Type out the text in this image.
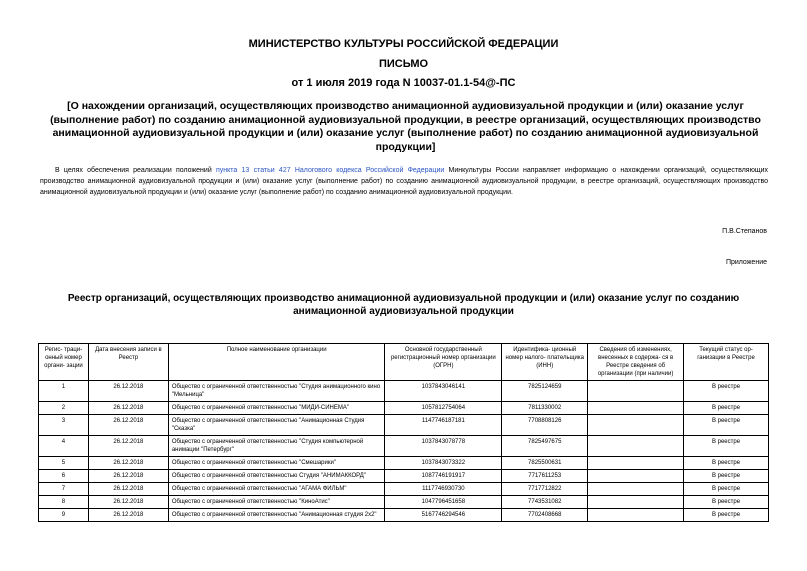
МИНИСТЕРСТВО КУЛЬТУРЫ РОССИЙСКОЙ ФЕДЕРАЦИИ
ПИСЬМО
от 1 июля 2019 года N 10037-01.1-54@-ПС
[О нахождении организаций, осуществляющих производство анимационной аудиовизуальной продукции и (или) оказание услуг (выполнение работ) по созданию анимационной аудиовизуальной продукции, в реестре организаций, осуществляющих производство анимационной аудиовизуальной продукции и (или) оказание услуг (выполнение работ) по созданию анимационной аудиовизуальной продукции]
В целях обеспечения реализации положений пункта 13 статьи 427 Налогового кодекса Российской Федерации Минкультуры России направляет информацию о нахождении организаций, осуществляющих производство анимационной аудиовизуальной продукции и (или) оказание услуг (выполнение работ) по созданию анимационной аудиовизуальной продукции, в реестре организаций, осуществляющих производство анимационной аудиовизуальной продукции и (или) оказание услуг (выполнение работ) по созданию анимационной аудиовизуальной продукции.
П.В.Степанов
Приложение
Реестр организаций, осуществляющих производство анимационной аудиовизуальной продукции и (или) оказание услуг по созданию анимационной аудиовизуальной продукции
Регис- траци- онный номер органи- зации	Дата внесения записи в Реестр	Полное наименование организации	Основной государственный регистрационный номер организации (ОГРН)	Идентифика- ционный номер налого- плательщика (ИНН)	Сведения об изменениях, внесенных в содержа- ся в Реестре сведения об организации (при наличии)	Текущий статус ор- ганизации в Реестре
1	26.12.2018	Общество с ограниченной ответственностью "Студия анимационного кино "Мельница"	1037843046141	7825124659		В реестре
2	26.12.2018	Общество с ограниченной ответственностью "МИДИ-СИНЕМА"	1057812754064	7811330002		В реестре
3	26.12.2018	Общество с ограниченной ответственностью "Анимационная Студия "Сказка"	1147746187181	7708808126		В реестре
4	26.12.2018	Общество с ограниченной ответственностью "Студия компьютерной анимации "Петербург"	1037843078778	7825497675		В реестре
5	26.12.2018	Общество с ограниченной ответственностью "Смешарики"	1037843073322	7825500631		В реестре
6	26.12.2018	Общество с ограниченной ответственностью Студия "АНИМАККОРД"	1087746191917	7717611253		В реестре
7	26.12.2018	Общество с ограниченной ответственностью "АГАМА ФИЛЬМ"	1117746930730	7717712822		В реестре
8	26.12.2018	Общество с ограниченной ответственностью "КиноАтис"	1047796451658	7743531082		В реестре
9	26.12.2018	Общество с ограниченной ответственностью "Анимационная студия 2х2"	5167746294546	7702408668		В реестре
